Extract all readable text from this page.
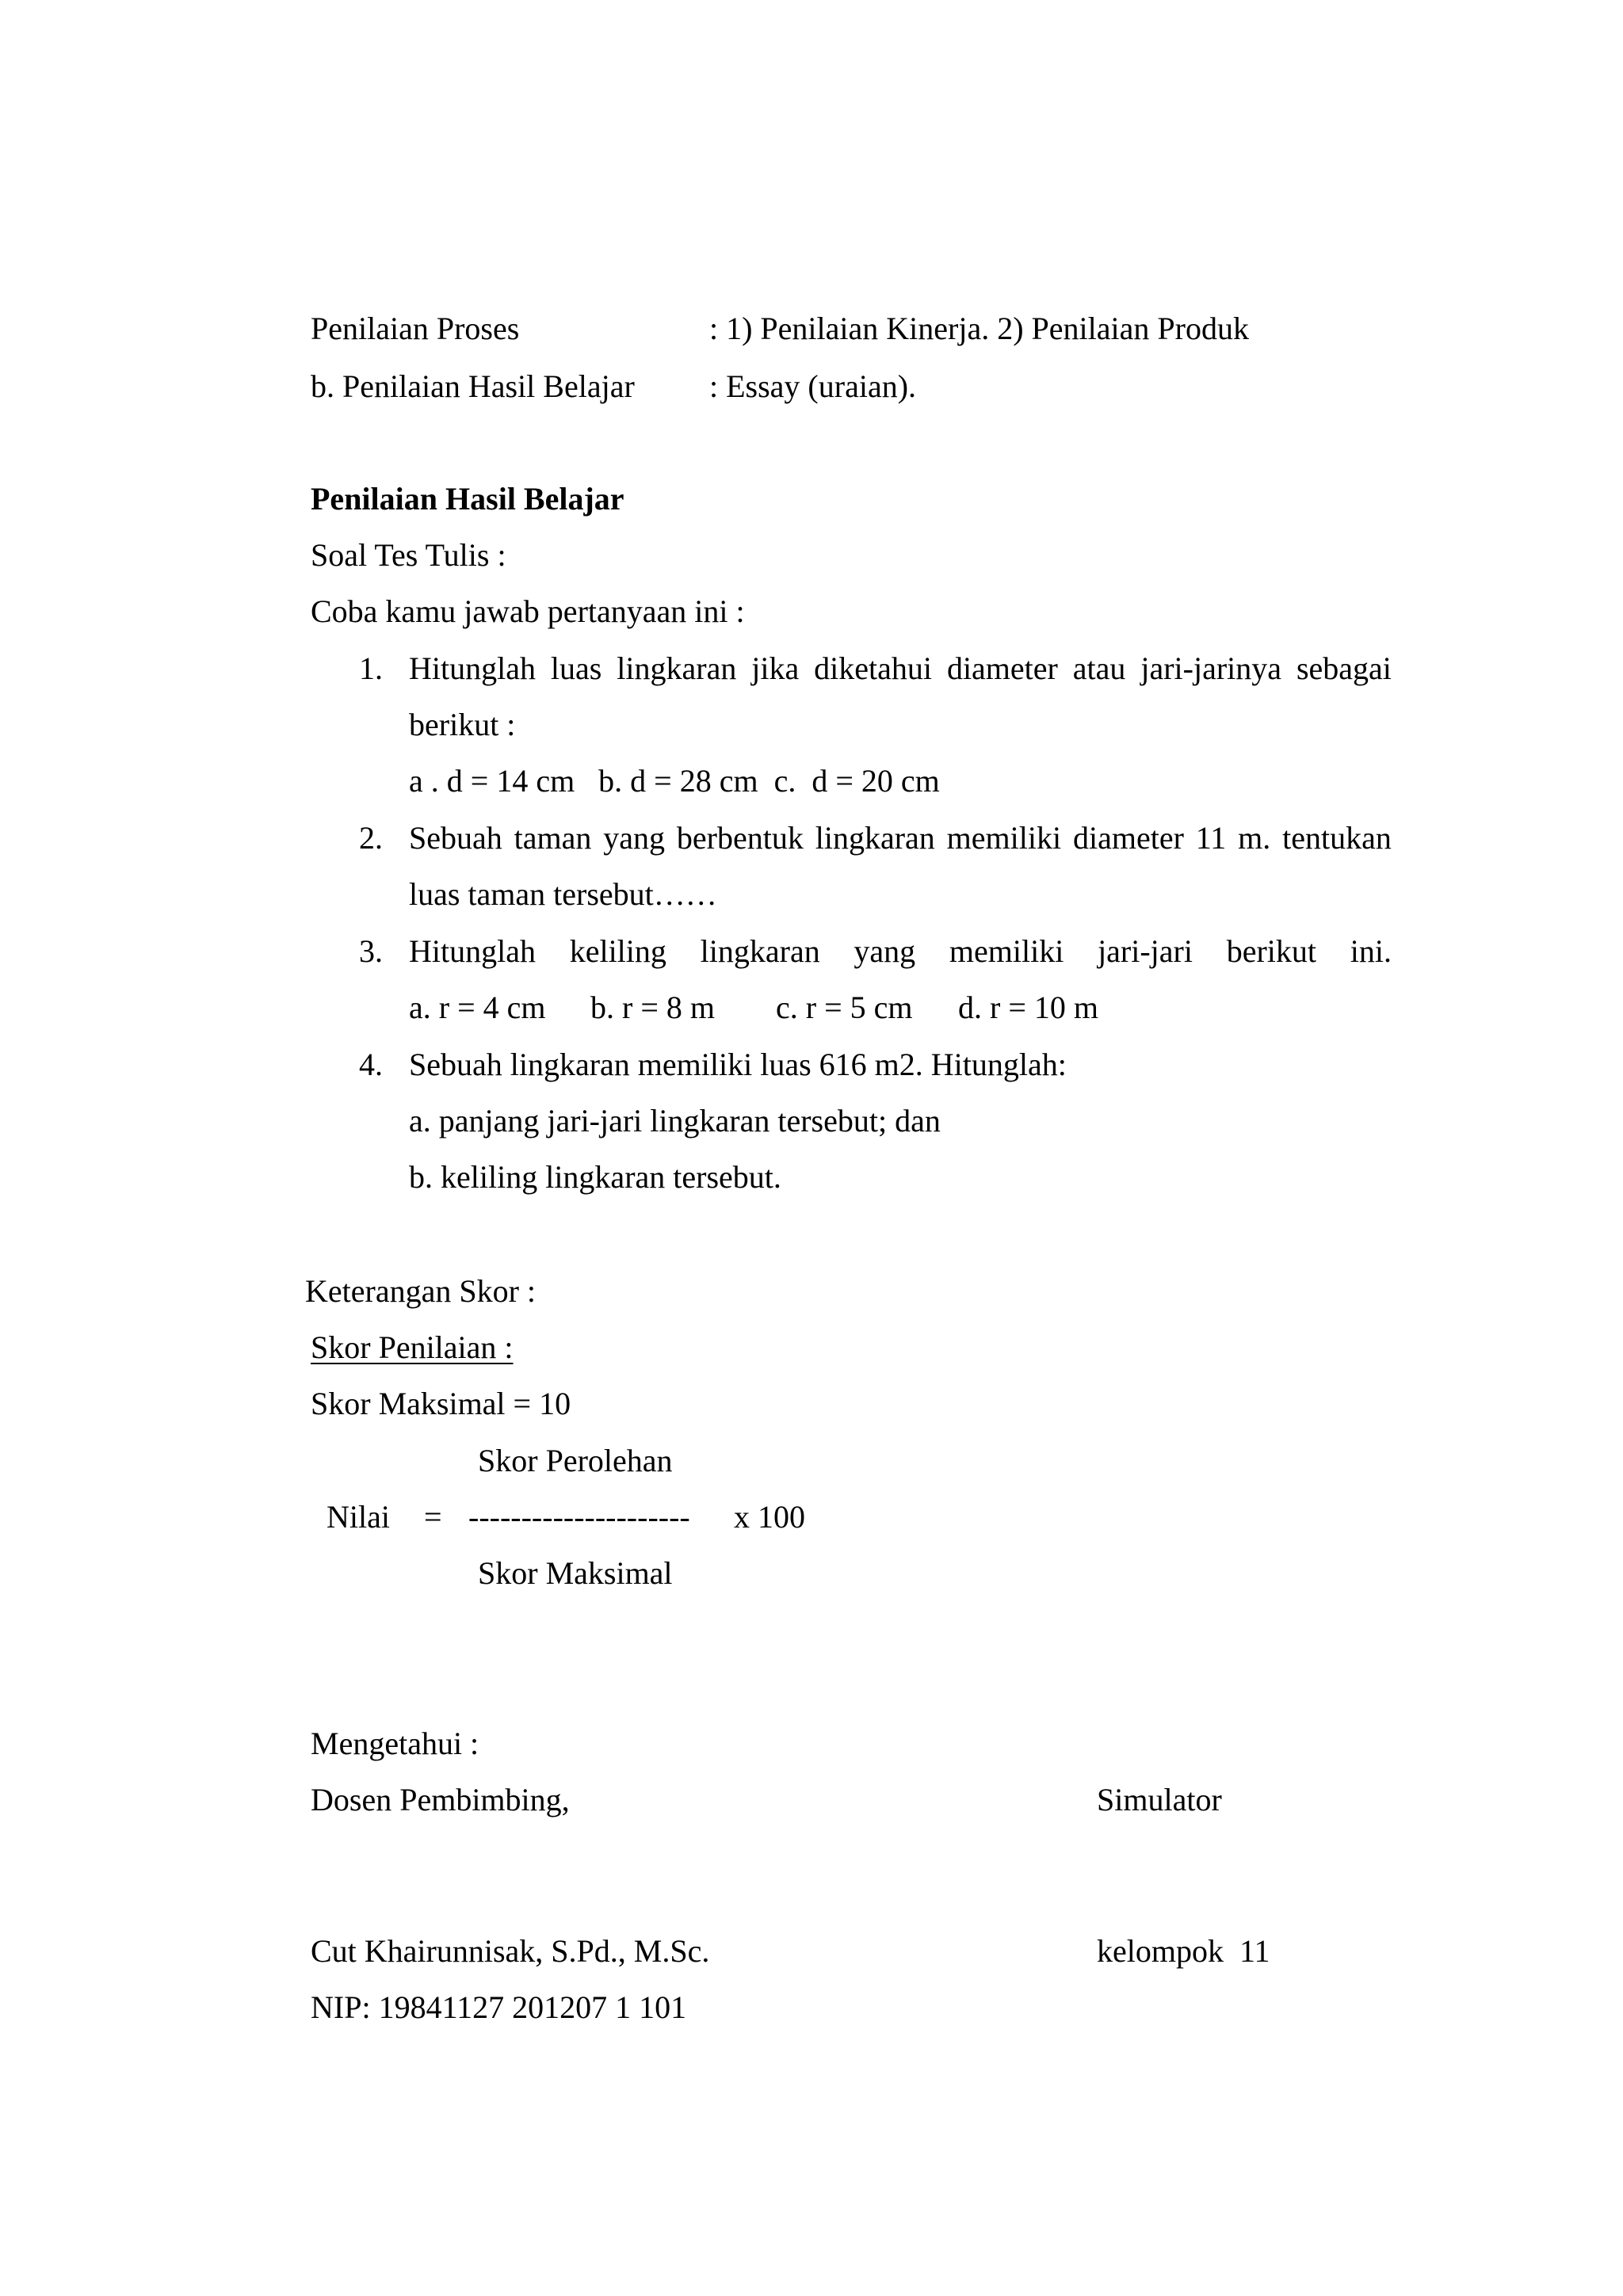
Penilaian Proses	: 1) Penilaian Kinerja. 2) Penilaian Produk
b. Penilaian Hasil Belajar : Essay (uraian).
Penilaian Hasil Belajar
Soal Tes Tulis :
Coba kamu jawab pertanyaan ini :
1. Hitunglah luas lingkaran jika diketahui diameter atau jari-jarinya sebagai
berikut :
a . d = 14 cm   b. d = 28 cm  c.  d = 20 cm
2. Sebuah taman yang berbentuk lingkaran memiliki diameter 11 m. tentukan
luas taman tersebut……
3. Hitunglah keliling lingkaran yang memiliki jari-jari berikut ini.
a. r = 4 cm b. r = 8 m c. r = 5 cm d. r = 10 m
4. Sebuah lingkaran memiliki luas 616 m2. Hitunglah:
a. panjang jari-jari lingkaran tersebut; dan
b. keliling lingkaran tersebut.
Keterangan Skor :
Skor Penilaian :
Skor Maksimal = 10
Skor Perolehan
Nilai = --------------------- x 100
Skor Maksimal
Mengetahui :
Dosen Pembimbing,	Simulator
Cut Khairunnisak, S.Pd., M.Sc.	kelompok  11
NIP: 19841127 201207 1 101
